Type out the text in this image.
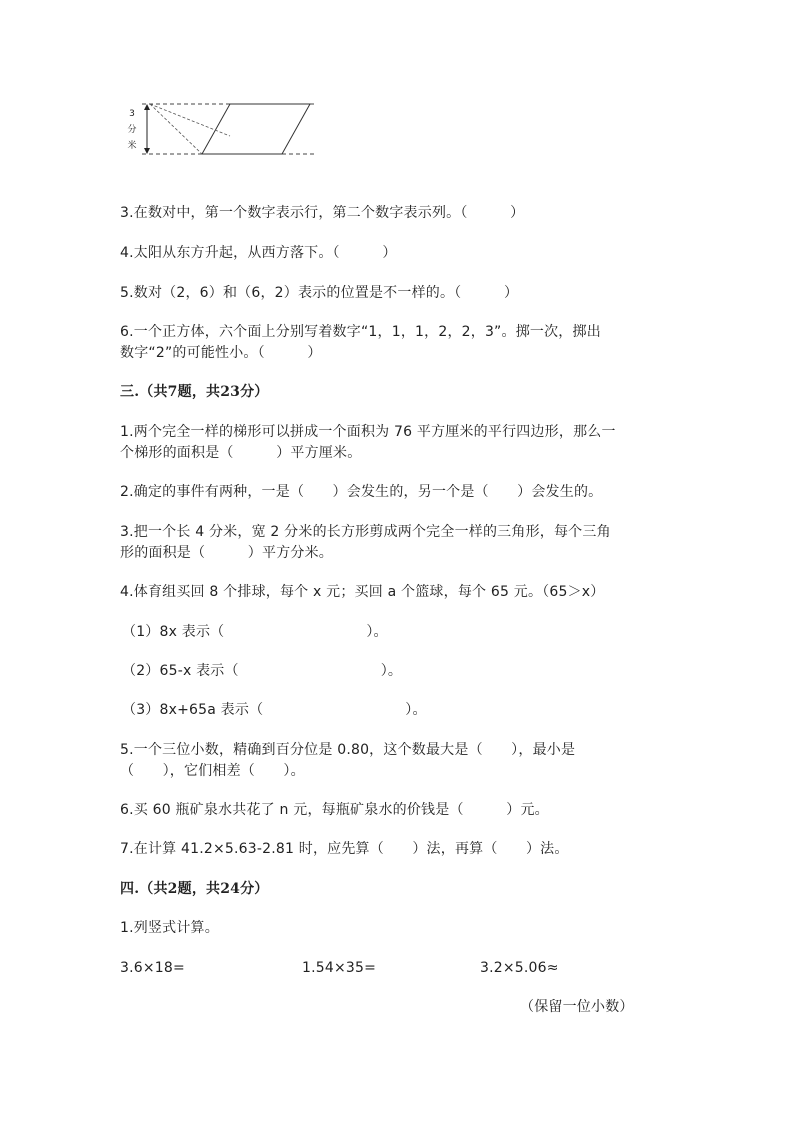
3
分
米
3.在数对中，第一个数字表示行，第二个数字表示列。（　　　）
4.太阳从东方升起，从西方落下。（　　　）
5.数对（2，6）和（6，2）表示的位置是不一样的。（　　　）
6.一个正方体，六个面上分别写着数字“1，1，1，2，2，3”。掷一次，掷出
数字“2”的可能性小。（　　　）
三.（共7题，共23分）
1.两个完全一样的梯形可以拼成一个面积为 76 平方厘米的平行四边形，那么一
个梯形的面积是（　　　）平方厘米。
2.确定的事件有两种，一是（　　）会发生的，另一个是（　　）会发生的。
3.把一个长 4 分米，宽 2 分米的长方形剪成两个完全一样的三角形，每个三角
形的面积是（　　　）平方分米。
4.体育组买回 8 个排球，每个 x 元；买回 a 个篮球，每个 65 元。（65＞x）
（1）8x 表示（　　　　　　　　　　）。
（2）65-x 表示（　　　　　　　　　　）。
（3）8x+65a 表示（　　　　　　　　　　）。
5.一个三位小数，精确到百分位是 0.80，这个数最大是（　　），最小是
（　　），它们相差（　　）。
6.买 60 瓶矿泉水共花了 n 元，每瓶矿泉水的价钱是（　　　）元。
7.在计算 41.2×5.63-2.81 时，应先算（　　）法，再算（　　）法。
四.（共2题，共24分）
1.列竖式计算。
3.6×18=	1.54×35=	3.2×5.06≈
（保留一位小数）
